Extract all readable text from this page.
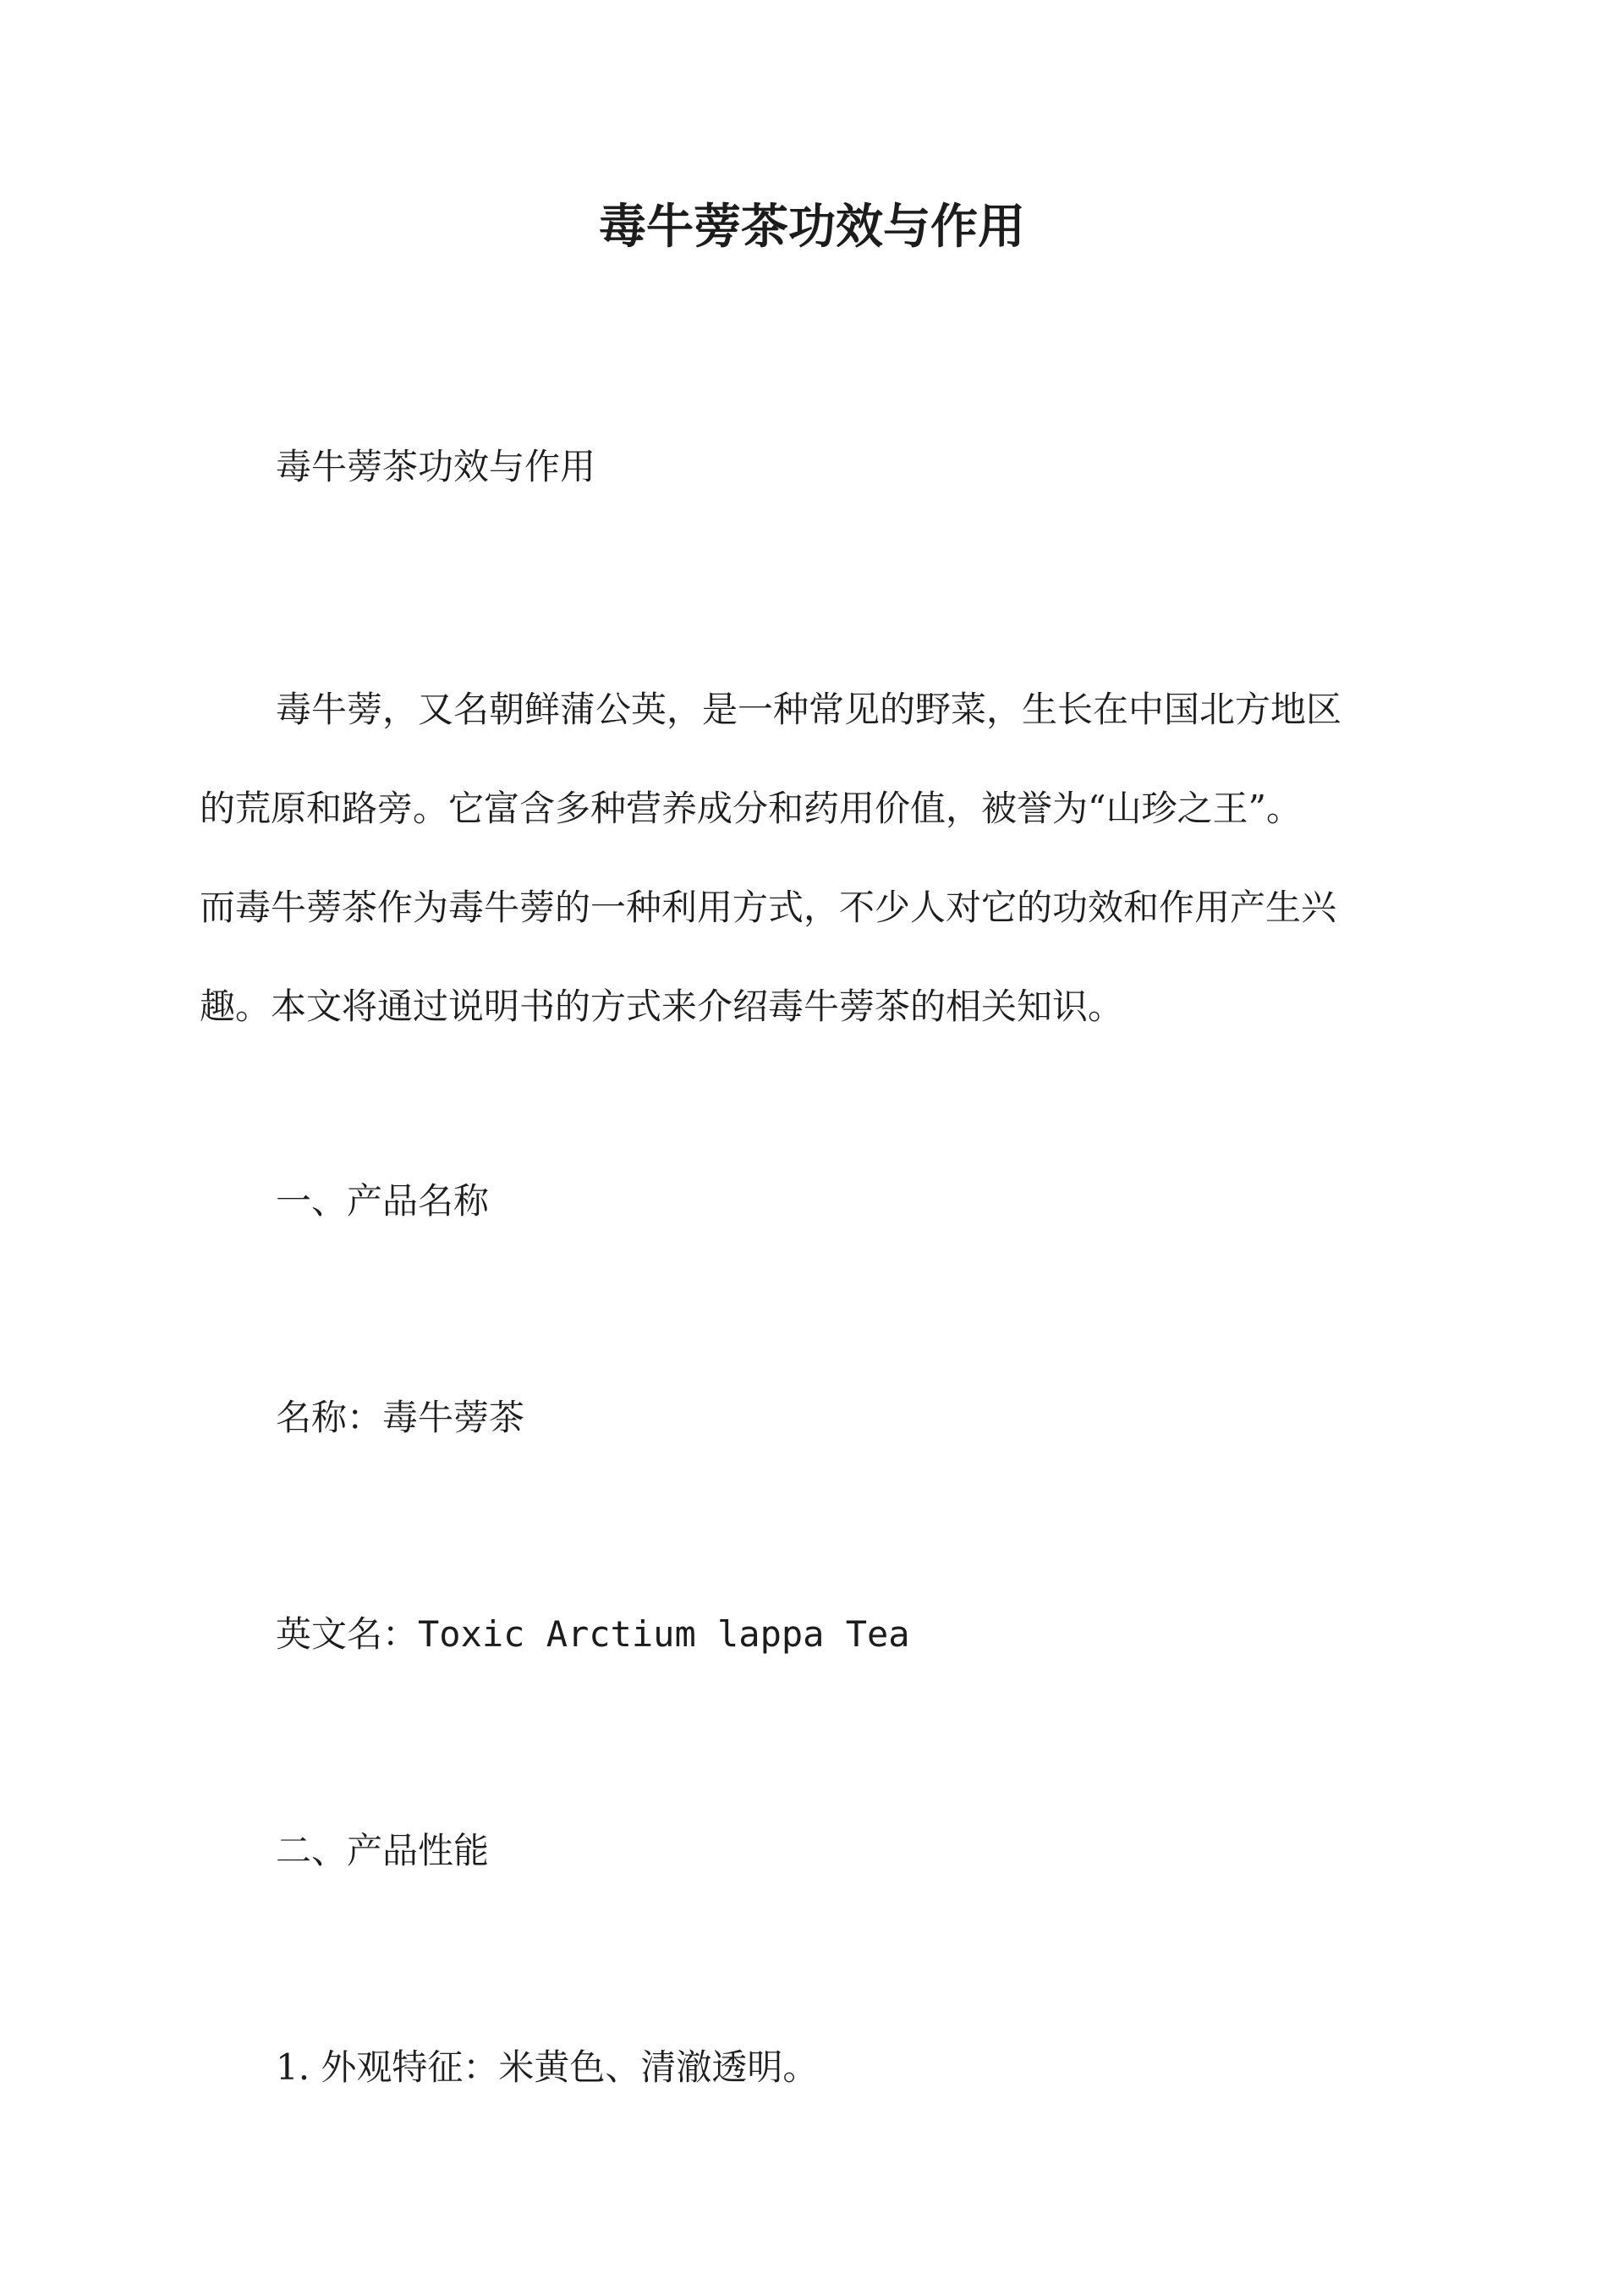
毒牛蒡茶功效与作用

毒牛蒡茶功效与作用

毒牛蒡，又名朝鲜蒲公英，是一种常见的野菜，生长在中国北方地区
的荒原和路旁。它富含多种营养成分和药用价值，被誉为“山珍之王”。
而毒牛蒡茶作为毒牛蒡的一种利用方式，不少人对它的功效和作用产生兴
趣。本文将通过说明书的方式来介绍毒牛蒡茶的相关知识。

一、产品名称

名称：毒牛蒡茶

英文名：Toxic Arctium lappa Tea

二、产品性能

1. 外观特征：米黄色、清澈透明。
